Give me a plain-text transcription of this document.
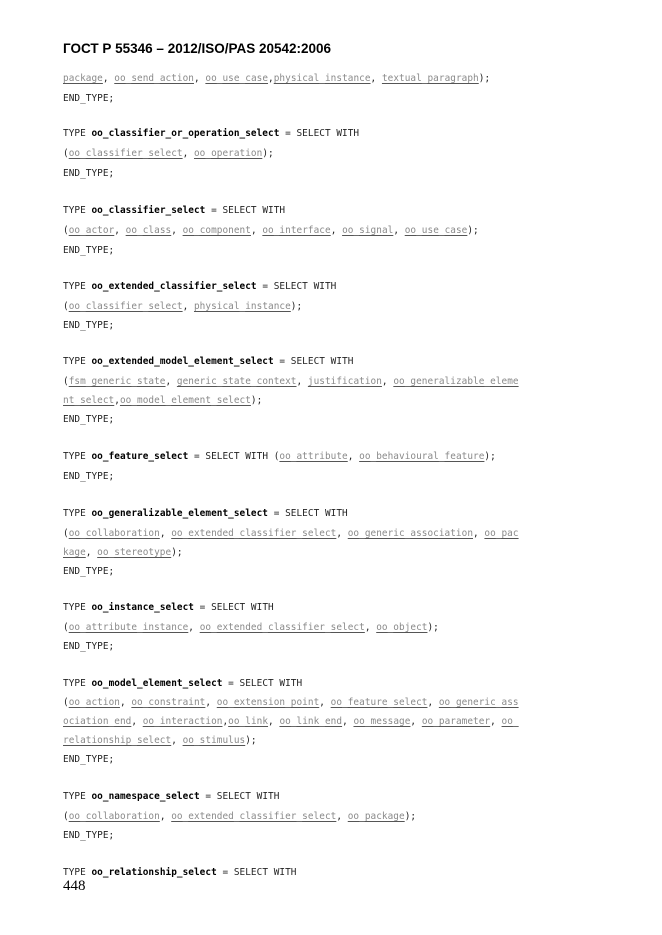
ГОСТ Р 55346 – 2012/ISO/PAS 20542:2006
package, oo_send_action, oo_use_case,physical_instance, textual_paragraph);
END_TYPE;
TYPE oo_classifier_or_operation_select = SELECT WITH
(oo_classifier_select, oo_operation);
END_TYPE;
TYPE oo_classifier_select = SELECT WITH
(oo_actor, oo_class, oo_component, oo_interface, oo_signal, oo_use_case);
END_TYPE;
TYPE oo_extended_classifier_select = SELECT WITH
(oo_classifier_select, physical_instance);
END_TYPE;
TYPE oo_extended_model_element_select = SELECT WITH
(fsm_generic_state, generic_state_context, justification, oo_generalizable_eleme
nt_select,oo_model_element_select);
END_TYPE;
TYPE oo_feature_select = SELECT WITH (oo_attribute, oo_behavioural_feature);
END_TYPE;
TYPE oo_generalizable_element_select = SELECT WITH
(oo_collaboration, oo_extended_classifier_select, oo_generic_association, oo_pac
kage, oo_stereotype);
END_TYPE;
TYPE oo_instance_select = SELECT WITH
(oo_attribute_instance, oo_extended_classifier_select, oo_object);
END_TYPE;
TYPE oo_model_element_select = SELECT WITH
(oo_action, oo_constraint, oo_extension_point, oo_feature_select, oo_generic_ass
ociation_end, oo_interaction,oo_link, oo_link_end, oo_message, oo_parameter, oo_
relationship_select, oo_stimulus);
END_TYPE;
TYPE oo_namespace_select = SELECT WITH
(oo_collaboration, oo_extended_classifier_select, oo_package);
END_TYPE;
TYPE oo_relationship_select = SELECT WITH
448
